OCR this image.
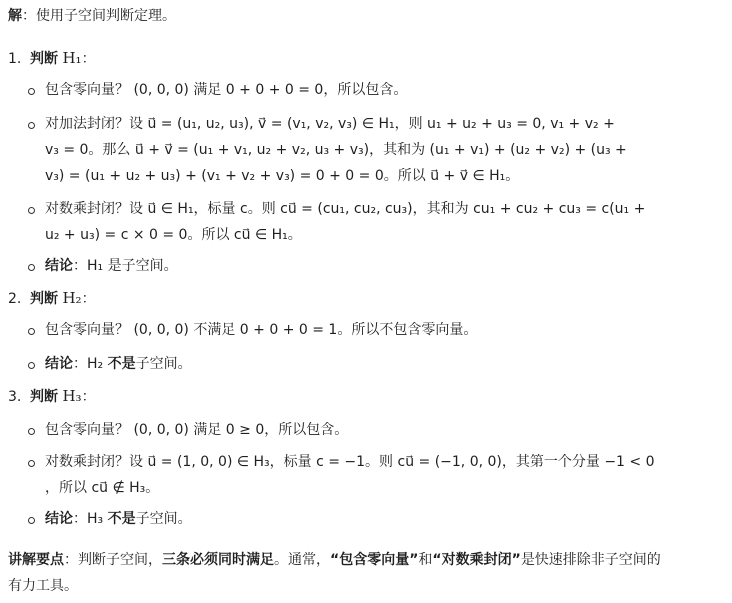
解：使用子空间判断定理。
1. 判断 H₁：
包含零向量？ (0, 0, 0) 满足 0 + 0 + 0 = 0，所以包含。
对加法封闭？设 u⃗ = (u₁, u₂, u₃), v⃗ = (v₁, v₂, v₃) ∈ H₁，则 u₁ + u₂ + u₃ = 0, v₁ + v₂ +
v₃ = 0。那么 u⃗ + v⃗ = (u₁ + v₁, u₂ + v₂, u₃ + v₃)，其和为 (u₁ + v₁) + (u₂ + v₂) + (u₃ +
v₃) = (u₁ + u₂ + u₃) + (v₁ + v₂ + v₃) = 0 + 0 = 0。所以 u⃗ + v⃗ ∈ H₁。
对数乘封闭？设 u⃗ ∈ H₁，标量 c。则 cu⃗ = (cu₁, cu₂, cu₃)，其和为 cu₁ + cu₂ + cu₃ = c(u₁ +
u₂ + u₃) = c × 0 = 0。所以 cu⃗ ∈ H₁。
结论：H₁ 是子空间。
2. 判断 H₂：
包含零向量？ (0, 0, 0) 不满足 0 + 0 + 0 = 1。所以不包含零向量。
结论：H₂ 不是子空间。
3. 判断 H₃：
包含零向量？ (0, 0, 0) 满足 0 ≥ 0，所以包含。
对数乘封闭？设 u⃗ = (1, 0, 0) ∈ H₃，标量 c = −1。则 cu⃗ = (−1, 0, 0)，其第一个分量 −1 < 0
，所以 cu⃗ ∉ H₃。
结论：H₃ 不是子空间。
讲解要点：判断子空间，三条必须同时满足。通常，“包含零向量”和“对数乘封闭”是快速排除非子空间的
有力工具。
